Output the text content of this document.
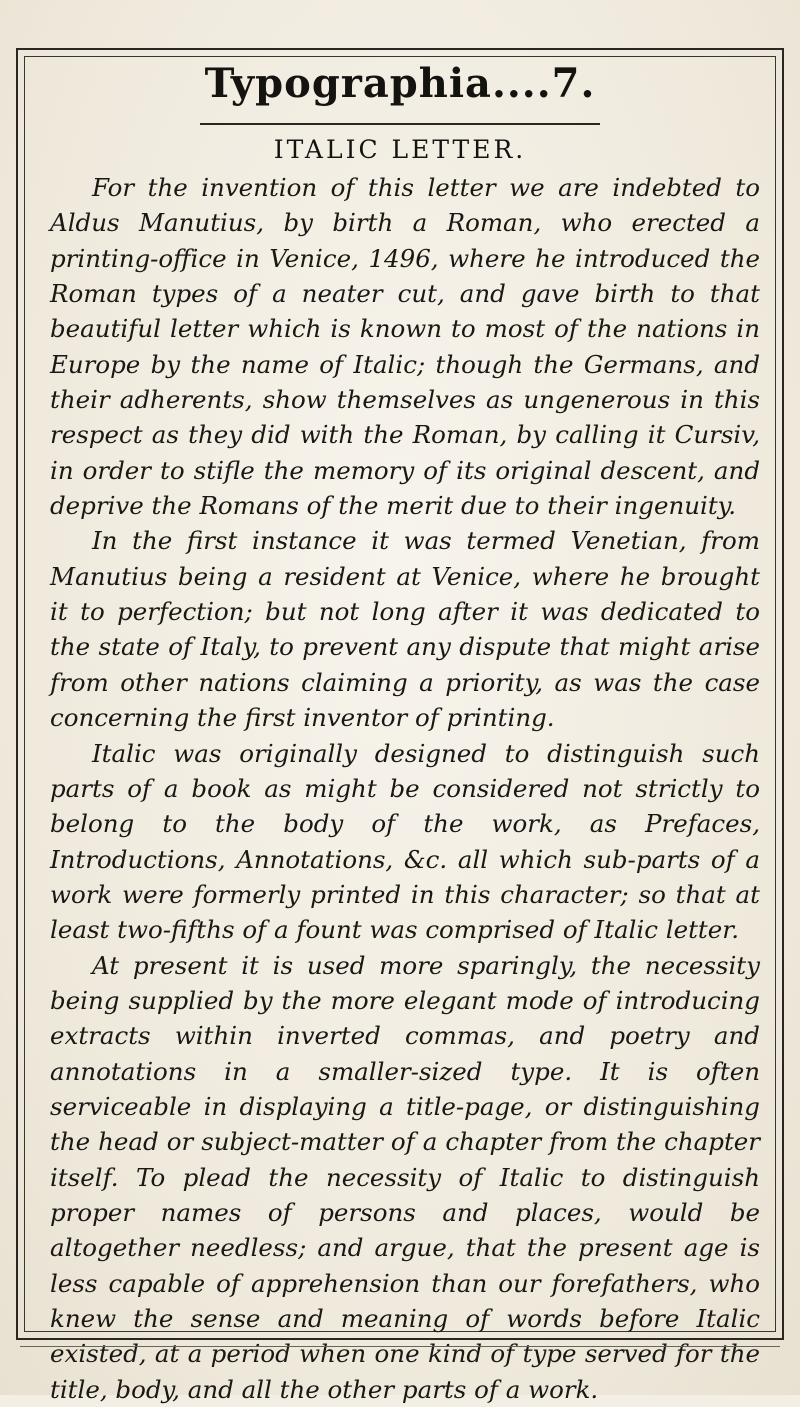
Typographia....7.
ITALIC LETTER.

For the invention of this letter we are indebted to Aldus Manutius, by birth a Roman, who erected a printing-office in Venice, 1496, where he introduced the Roman types of a neater cut, and gave birth to that beautiful letter which is known to most of the nations in Europe by the name of Italic; though the Germans, and their adherents, show themselves as ungenerous in this respect as they did with the Roman, by calling it Cursiv, in order to stifle the memory of its original descent, and deprive the Romans of the merit due to their ingenuity.

In the first instance it was termed Venetian, from Manutius being a resident at Venice, where he brought it to perfection; but not long after it was dedicated to the state of Italy, to prevent any dispute that might arise from other nations claiming a priority, as was the case concerning the first inventor of printing.

Italic was originally designed to distinguish such parts of a book as might be considered not strictly to belong to the body of the work, as Prefaces, Introductions, Annotations, &c. all which sub-parts of a work were formerly printed in this character; so that at least two-fifths of a fount was comprised of Italic letter.

At present it is used more sparingly, the necessity being supplied by the more elegant mode of introducing extracts within inverted commas, and poetry and annotations in a smaller-sized type. It is often serviceable in displaying a title-page, or distinguishing the head or subject-matter of a chapter from the chapter itself. To plead the necessity of Italic to distinguish proper names of persons and places, would be altogether needless; and argue, that the present age is less capable of apprehension than our forefathers, who knew the sense and meaning of words before Italic existed, at a period when one kind of type served for the title, body, and all the other parts of a work.
